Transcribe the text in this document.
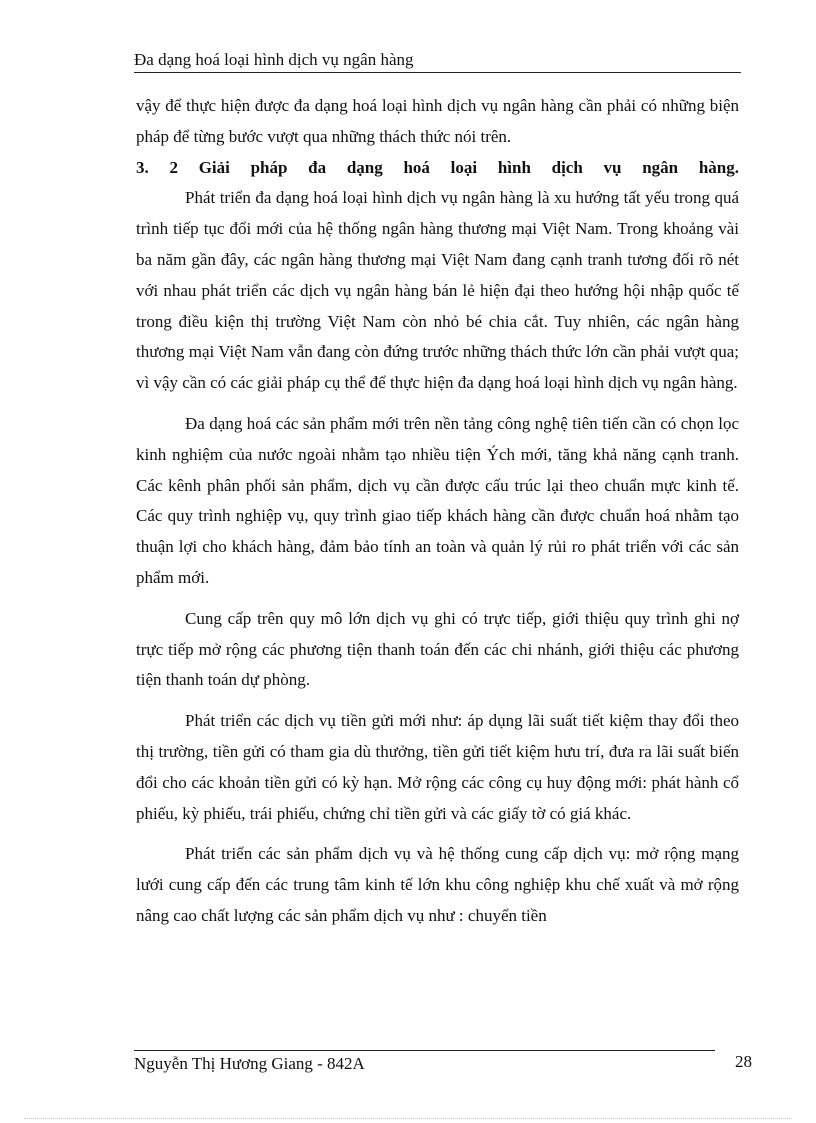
Đa dạng hoá loại hình dịch vụ ngân hàng

vậy để thực hiện được đa dạng hoá loại hình dịch vụ ngân hàng cần phải có những biện pháp để từng bước vượt qua những thách thức nói trên.

3. 2 Giải pháp đa dạng hoá loại hình dịch vụ ngân hàng.

Phát triển đa dạng hoá loại hình dịch vụ ngân hàng là xu hướng tất yếu trong quá trình tiếp tục đổi mới của hệ thống ngân hàng thương mại Việt Nam. Trong khoảng vài ba năm gần đây, các ngân hàng thương mại Việt Nam đang cạnh tranh tương đối rõ nét với nhau phát triển các dịch vụ ngân hàng bán lẻ hiện đại theo hướng hội nhập quốc tế trong điều kiện thị trường Việt Nam còn nhỏ bé chia cắt. Tuy nhiên, các ngân hàng thương mại Việt Nam vẫn đang còn đứng trước những thách thức lớn cần phải vượt qua; vì vậy cần có các giải pháp cụ thể để thực hiện đa dạng hoá loại hình dịch vụ ngân hàng.

Đa dạng hoá các sản phẩm mới trên nền tảng công nghệ tiên tiến cần có chọn lọc kinh nghiệm của nước ngoài nhằm tạo nhiều tiện Ých mới, tăng khả năng cạnh tranh. Các kênh phân phối sản phẩm, dịch vụ cần được cấu trúc lại theo chuẩn mực kinh tế. Các quy trình nghiệp vụ, quy trình giao tiếp khách hàng cần được chuẩn hoá nhằm tạo thuận lợi cho khách hàng, đảm bảo tính an toàn và quản lý rủi ro phát triển với các sản phẩm mới.

Cung cấp trên quy mô lớn dịch vụ ghi có trực tiếp, giới thiệu quy trình ghi nợ trực tiếp mở rộng các phương tiện thanh toán đến các chi nhánh, giới thiệu các phương tiện thanh toán dự phòng.

Phát triển các dịch vụ tiền gửi mới như: áp dụng lãi suất tiết kiệm thay đổi theo thị trường, tiền gửi có tham gia dù thưởng, tiền gửi tiết kiệm hưu trí, đưa ra lãi suất biến đổi cho các khoản tiền gửi có kỳ hạn. Mở rộng các công cụ huy động mới: phát hành cổ phiếu, kỳ phiếu, trái phiếu, chứng chỉ tiền gửi và các giấy tờ có giá khác.

Phát triển các sản phẩm dịch vụ và hệ thống cung cấp dịch vụ: mở rộng mạng lưới cung cấp đến các trung tâm kinh tế lớn khu công nghiệp khu chế xuất và mở rộng nâng cao chất lượng các sản phẩm dịch vụ như : chuyển tiền

Nguyễn Thị Hương Giang - 842A	28
